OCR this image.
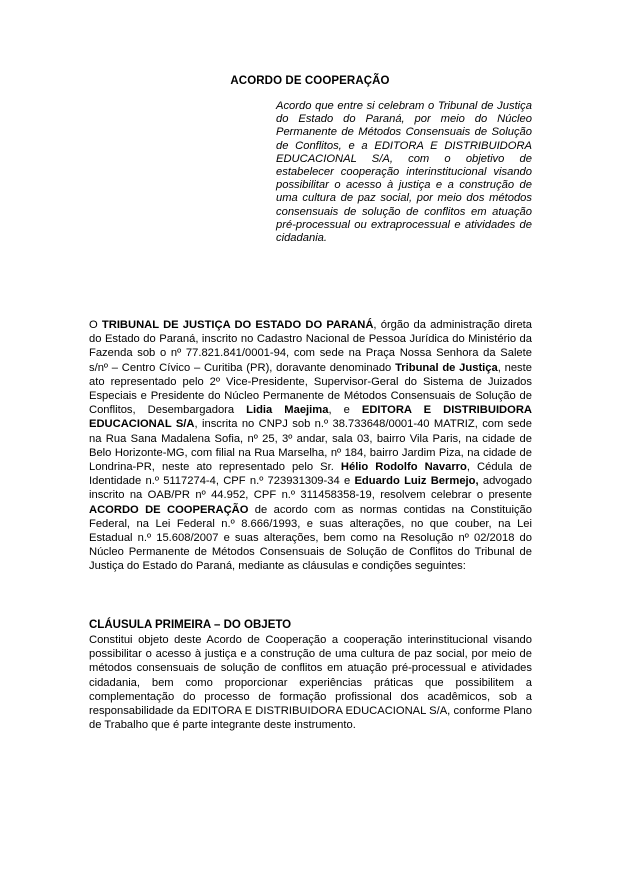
ACORDO DE COOPERAÇÃO
Acordo que entre si celebram o Tribunal de Justiça do Estado do Paraná, por meio do Núcleo Permanente de Métodos Consensuais de Solução de Conflitos, e a EDITORA E DISTRIBUIDORA EDUCACIONAL S/A, com o objetivo de estabelecer cooperação interinstitucional visando possibilitar o acesso à justiça e a construção de uma cultura de paz social, por meio dos métodos consensuais de solução de conflitos em atuação pré-processual ou extraprocessual e atividades de cidadania.
O TRIBUNAL DE JUSTIÇA DO ESTADO DO PARANÁ, órgão da administração direta do Estado do Paraná, inscrito no Cadastro Nacional de Pessoa Jurídica do Ministério da Fazenda sob o nº 77.821.841/0001-94, com sede na Praça Nossa Senhora da Salete s/nº – Centro Cívico – Curitiba (PR), doravante denominado Tribunal de Justiça, neste ato representado pelo 2º Vice-Presidente, Supervisor-Geral do Sistema de Juizados Especiais e Presidente do Núcleo Permanente de Métodos Consensuais de Solução de Conflitos, Desembargadora Lidia Maejima, e EDITORA E DISTRIBUIDORA EDUCACIONAL S/A, inscrita no CNPJ sob n.º 38.733648/0001-40 MATRIZ, com sede na Rua Sana Madalena Sofia, nº 25, 3º andar, sala 03, bairro Vila Paris, na cidade de Belo Horizonte-MG, com filial na Rua Marselha, nº 184, bairro Jardim Piza, na cidade de Londrina-PR, neste ato representado pelo Sr. Hélio Rodolfo Navarro, Cédula de Identidade n.º 5117274-4, CPF n.º 723931309-34 e Eduardo Luiz Bermejo, advogado inscrito na OAB/PR nº 44.952, CPF n.º 311458358-19, resolvem celebrar o presente ACORDO DE COOPERAÇÃO de acordo com as normas contidas na Constituição Federal, na Lei Federal n.º 8.666/1993, e suas alterações, no que couber, na Lei Estadual n.º 15.608/2007 e suas alterações, bem como na Resolução nº 02/2018 do Núcleo Permanente de Métodos Consensuais de Solução de Conflitos do Tribunal de Justiça do Estado do Paraná, mediante as cláusulas e condições seguintes:
CLÁUSULA PRIMEIRA – DO OBJETO
Constitui objeto deste Acordo de Cooperação a cooperação interinstitucional visando possibilitar o acesso à justiça e a construção de uma cultura de paz social, por meio de métodos consensuais de solução de conflitos em atuação pré-processual e atividades cidadania, bem como proporcionar experiências práticas que possibilitem a complementação do processo de formação profissional dos acadêmicos, sob a responsabilidade da EDITORA E DISTRIBUIDORA EDUCACIONAL S/A, conforme Plano de Trabalho que é parte integrante deste instrumento.
